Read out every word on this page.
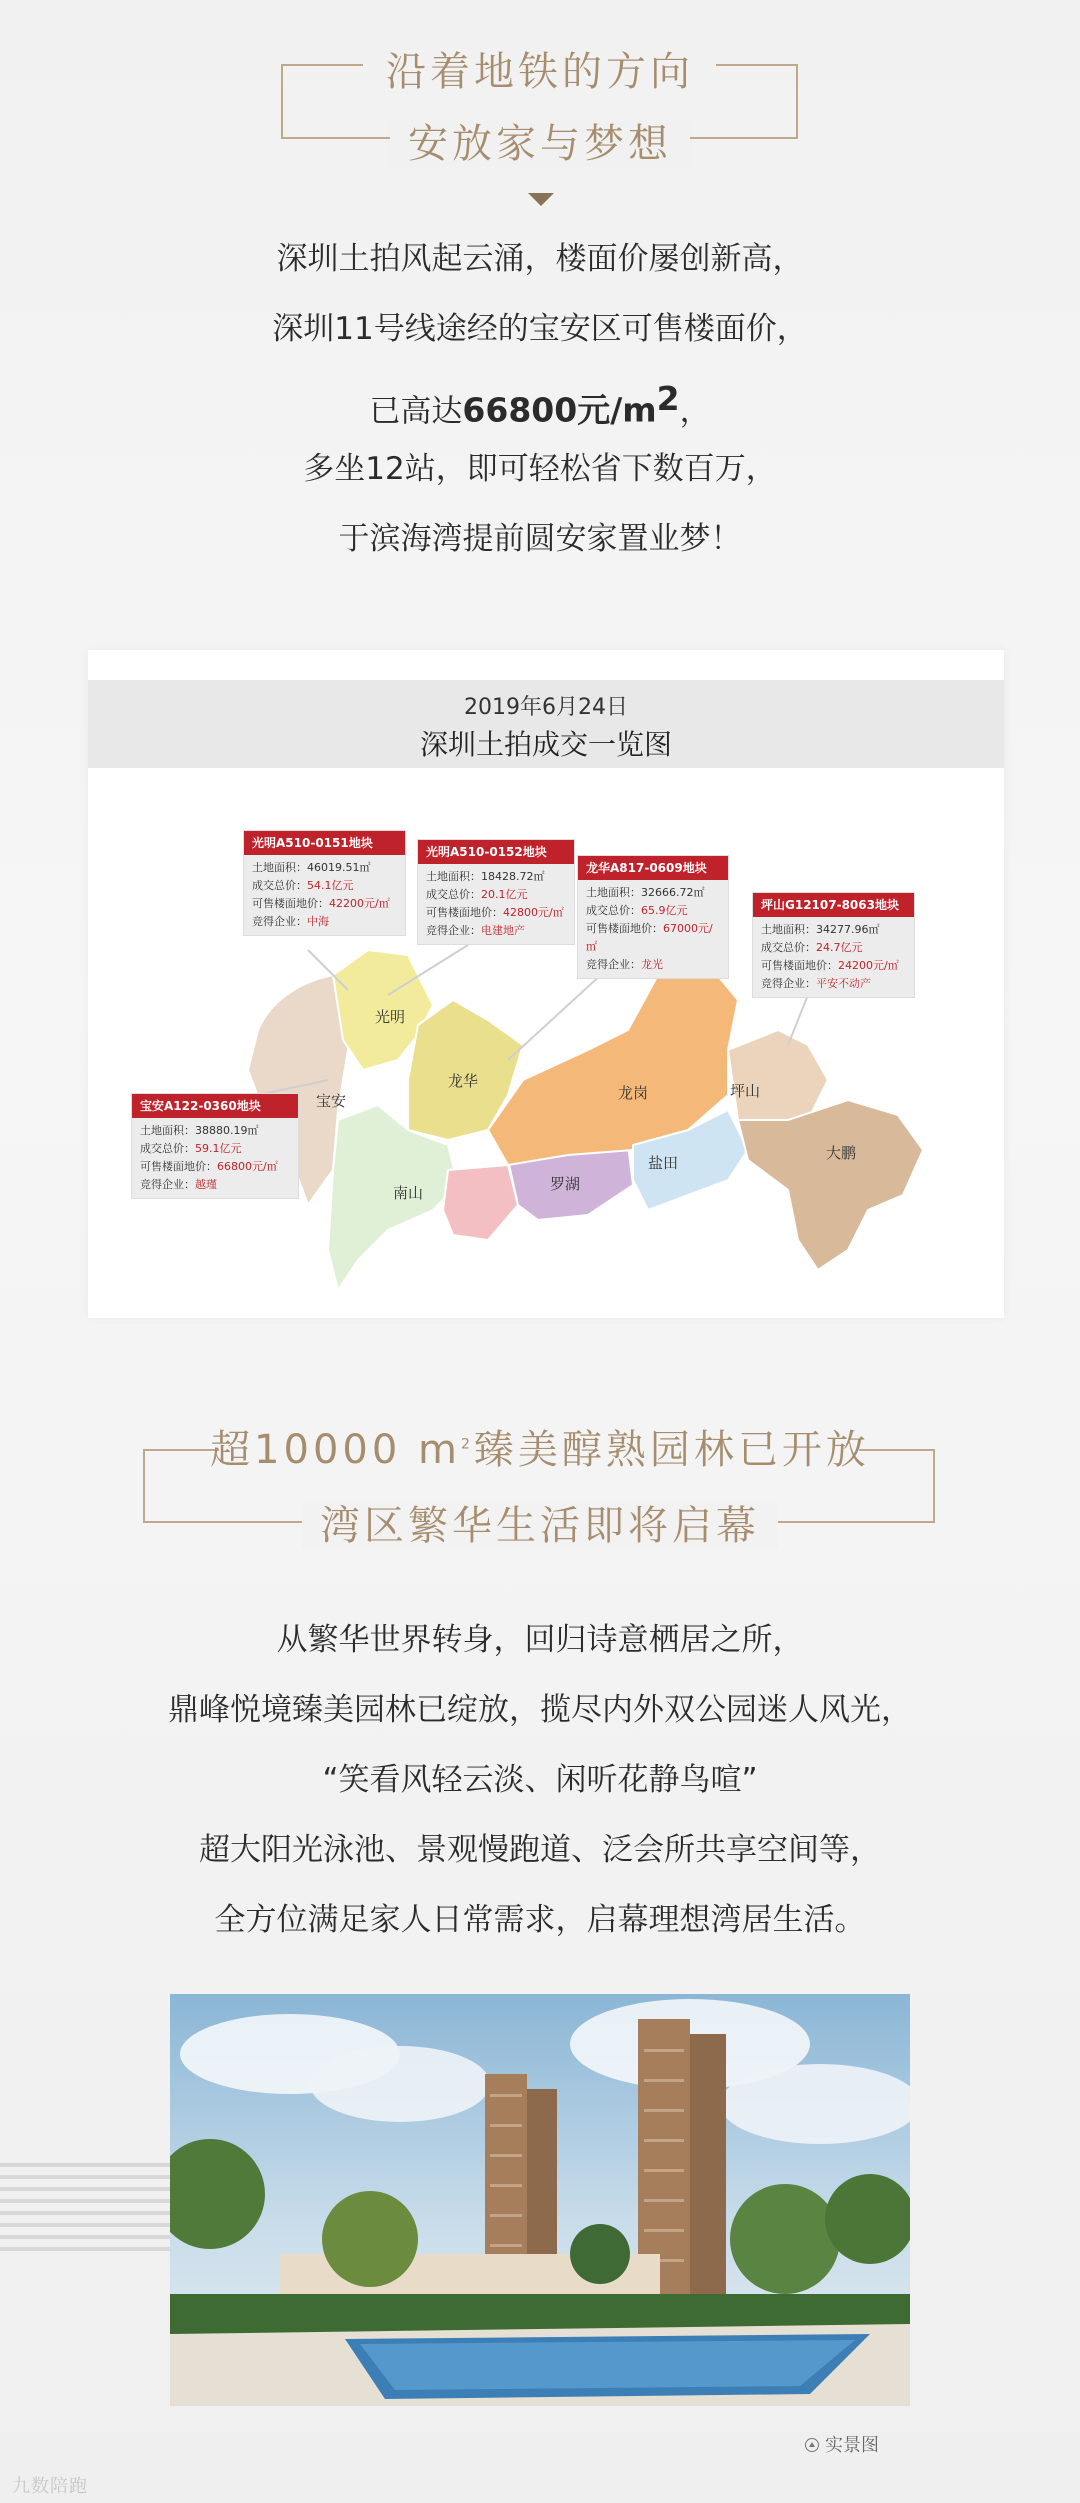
沿着地铁的方向
安放家与梦想

深圳土拍风起云涌，楼面价屡创新高，

深圳11号线途经的宝安区可售楼面价，

已高达66800元$/m^2$，

多坐12站，即可轻松省下数百万，

于滨海湾提前圆安家置业梦！

2019年6月24日
深圳土拍成交一览图
光明
宝安
龙华
龙岗	坪山
大鹏
南山	罗湖
盐田
光明A510-0151地块
土地面积：46019.51㎡
成交总价：54.1亿元
可售楼面地价：42200元/㎡
竞得企业：中海
光明A510-0152地块
土地面积：18428.72㎡
成交总价：20.1亿元
可售楼面地价：42800元/㎡
竞得企业：电建地产
龙华A817-0609地块
土地面积：32666.72㎡
成交总价：65.9亿元
可售楼面地价：67000元/㎡
竞得企业：龙光
坪山G12107-8063地块
土地面积：34277.96㎡
成交总价：24.7亿元
可售楼面地价：24200元/㎡
竞得企业：平安不动产
宝安A122-0360地块
土地面积：38880.19㎡
成交总价：59.1亿元
可售楼面地价：66800元/㎡
竞得企业：越瑾
超10000 $m^2$臻美醇熟园林已开放
湾区繁华生活即将启幕

从繁华世界转身，回归诗意栖居之所，

鼎峰悦境臻美园林已绽放，揽尽内外双公园迷人风光，

“笑看风轻云淡、闲听花静鸟喧”

超大阳光泳池、景观慢跑道、泛会所共享空间等，

全方位满足家人日常需求，启幕理想湾居生活。

实景图
九数陪跑
